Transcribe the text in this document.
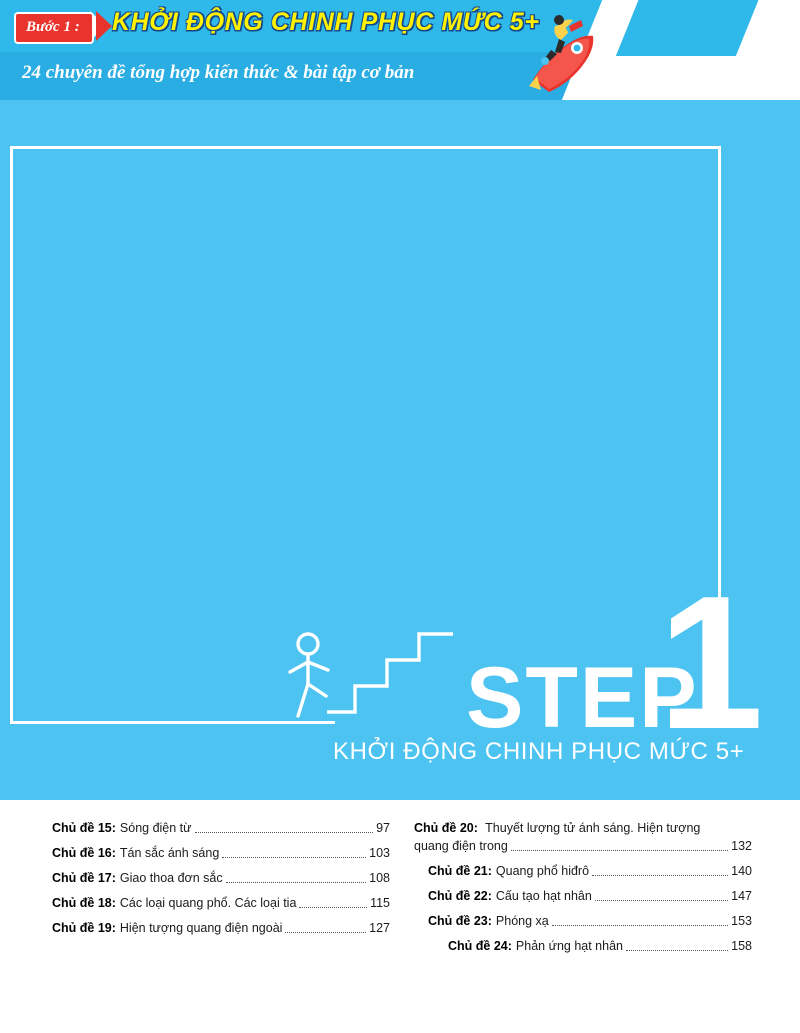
Bước 1 :	KHỞI ĐỘNG CHINH PHỤC MỨC 5+
24 chuyên đề tổng hợp kiến thức & bài tập cơ bản
STEP
1
KHỞI ĐỘNG CHINH PHỤC MỨC 5+
Chủ đề 15: Sóng điện từ	97
Chủ đề 16: Tán sắc ánh sáng	103
Chủ đề 17: Giao thoa đơn sắc	108
Chủ đề 18: Các loại quang phổ. Các loại tia	115
Chủ đề 19: Hiện tượng quang điện ngoài	127
Chủ đề 20: Thuyết lượng tử ánh sáng. Hiện tượng
quang điện trong	132
Chủ đề 21: Quang phổ hiđrô	140
Chủ đề 22: Cấu tạo hạt nhân	147
Chủ đề 23: Phóng xạ	153
Chủ đề 24: Phản ứng hạt nhân	158
